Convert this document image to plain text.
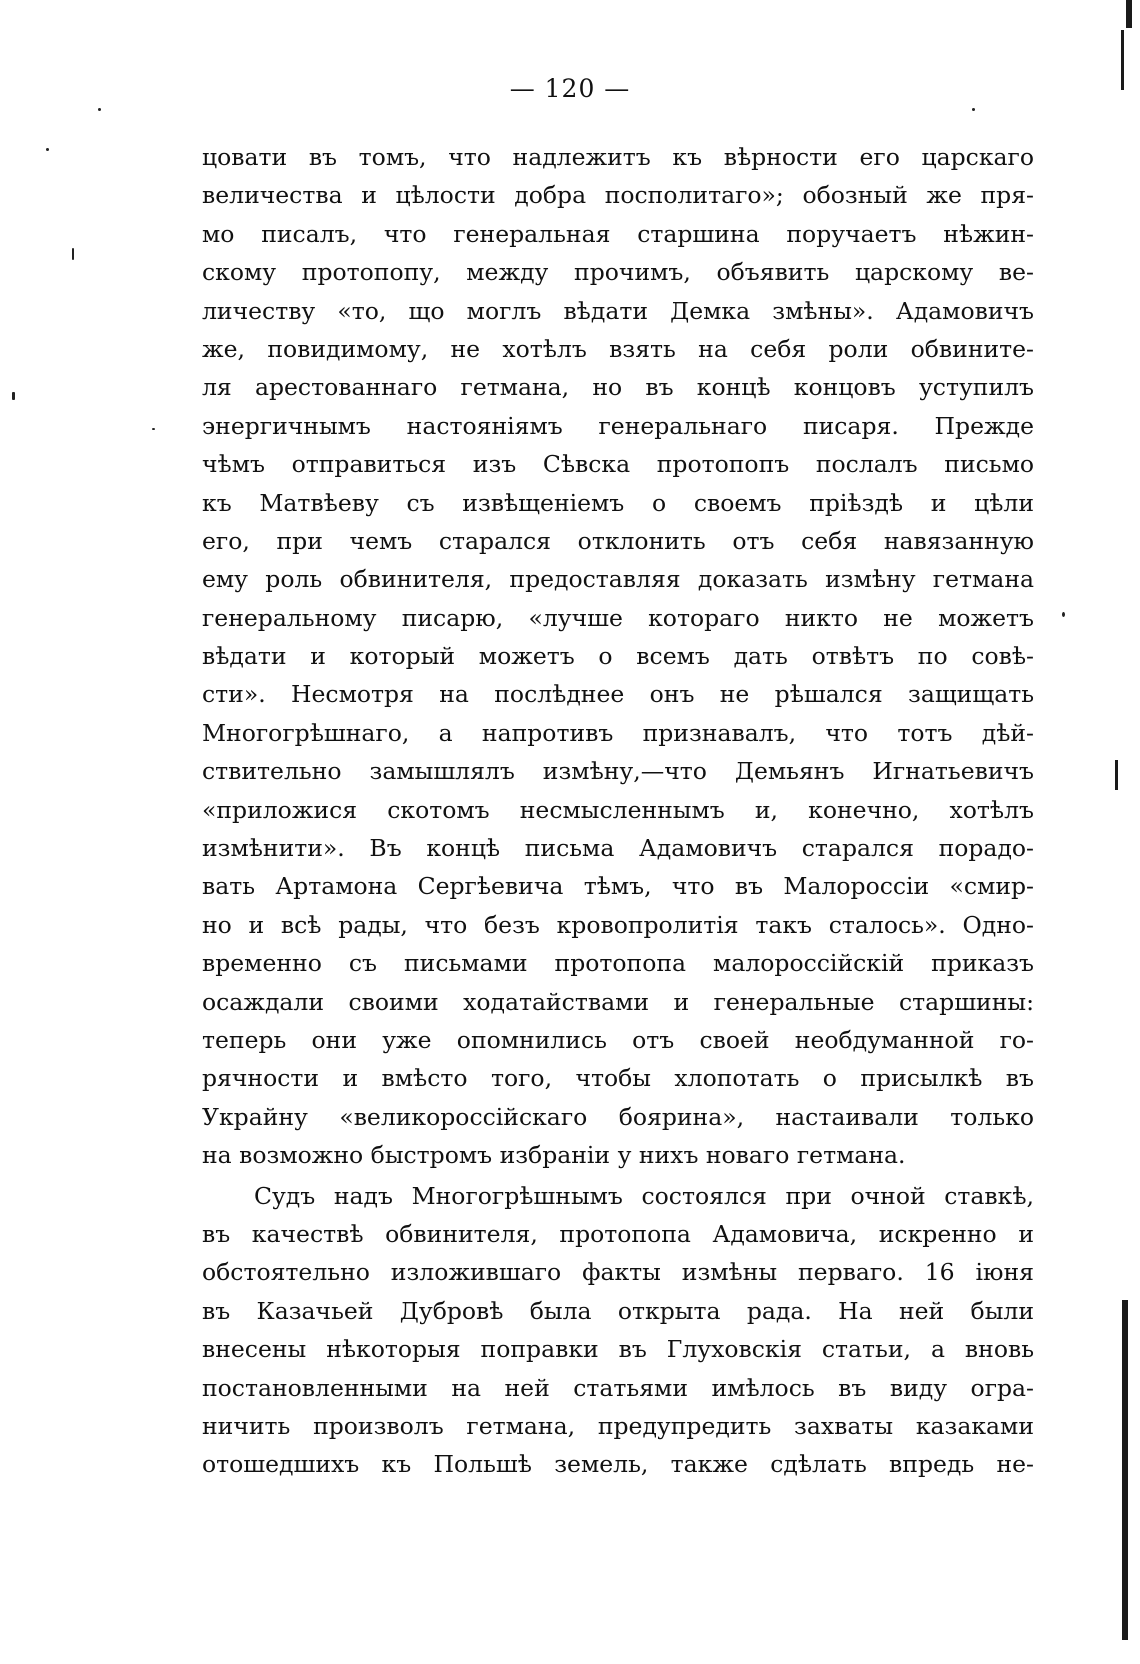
— 120 —
цовати въ томъ, что надлежитъ къ вѣрности его царскаго
величества и цѣлости добра посполитаго»; обозный же пря-
мо писалъ, что генеральная старшина поручаетъ нѣжин-
скому протопопу, между прочимъ, объявить царскому ве-
личеству «то, що моглъ вѣдати Демка змѣны». Адамовичъ
же, повидимому, не хотѣлъ взять на себя роли обвините-
ля арестованнаго гетмана, но въ концѣ концовъ уступилъ
энергичнымъ настояніямъ генеральнаго писаря. Прежде
чѣмъ отправиться изъ Сѣвска протопопъ послалъ письмо
къ Матвѣеву съ извѣщеніемъ о своемъ пріѣздѣ и цѣли
его, при чемъ старался отклонить отъ себя навязанную
ему роль обвинителя, предоставляя доказать измѣну гетмана
генеральному писарю, «лучше котораго никто не можетъ
вѣдати и который можетъ о всемъ дать отвѣтъ по совѣ-
сти». Несмотря на послѣднее онъ не рѣшался защищать
Многогрѣшнаго, а напротивъ признавалъ, что тотъ дѣй-
ствительно замышлялъ измѣну,—что Демьянъ Игнатьевичъ
«приложися скотомъ несмысленнымъ и, конечно, хотѣлъ
измѣнити». Въ концѣ письма Адамовичъ старался порадо-
вать Артамона Сергѣевича тѣмъ, что въ Малороссіи «смир-
но и всѣ рады, что безъ кровопролитія такъ сталось». Одно-
временно съ письмами протопопа малороссійскій приказъ
осаждали своими ходатайствами и генеральные старшины:
теперь они уже опомнились отъ своей необдуманной го-
рячности и вмѣсто того, чтобы хлопотать о присылкѣ въ
Украйну «великороссійскаго боярина», настаивали только
на возможно быстромъ избраніи у нихъ новаго гетмана.
Судъ надъ Многогрѣшнымъ состоялся при очной ставкѣ,
въ качествѣ обвинителя, протопопа Адамовича, искренно и
обстоятельно изложившаго факты измѣны перваго. 16 іюня
въ Казачьей Дубровѣ была открыта рада. На ней были
внесены нѣкоторыя поправки въ Глуховскія статьи, а вновь
постановленными на ней статьями имѣлось въ виду огра-
ничить произволъ гетмана, предупредить захваты казаками
отошедшихъ къ Польшѣ земель, также сдѣлать впредь не-
